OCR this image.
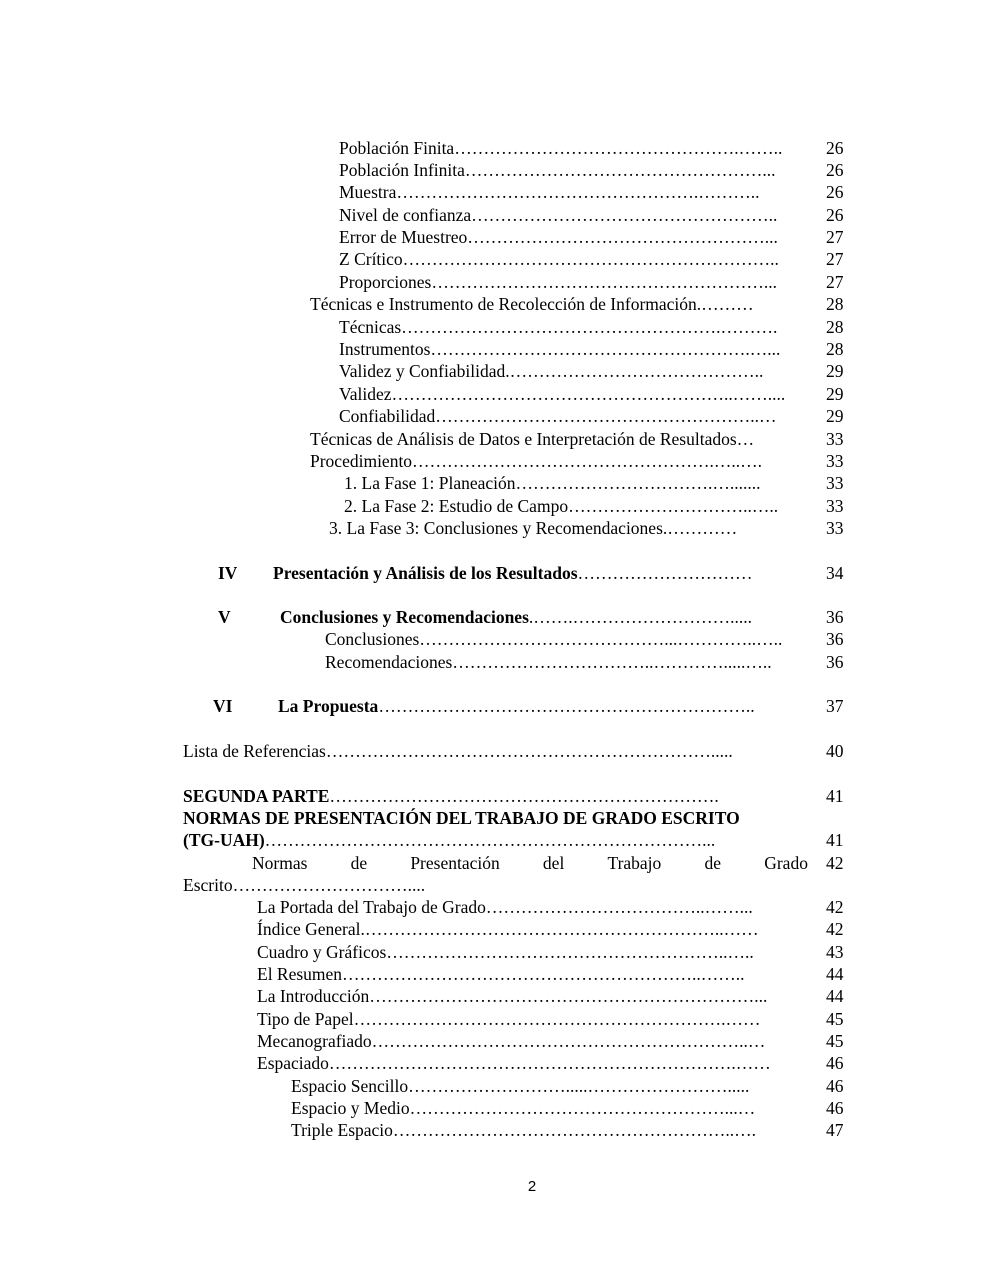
Población Finita………………………………………….…….. 26
Población Infinita……………………………………………...	26
Muestra…………………………………………….………..	26
Nivel de confianza……………………………………………..	26
Error de Muestreo……………………………………………...	27
Z Crítico………………………………………………………..	27
Proporciones…………………………………………………...	27
Técnicas e Instrumento de Recolección de Información.………	28
Técnicas……………………………………………….……….	28
Instrumentos……………………………………………….…...	28
Validez y Confiabilidad.……………………………………..	29
Validez…………………………………………………..…….... 29
Confiabilidad………………………………………………..…	29
Técnicas de Análisis de Datos e Interpretación de Resultados…	33
Procedimiento…………………………………………….…..….	33
1. La Fase 1: Planeación…………………………….….......	33
2. La Fase 2: Estudio de Campo…………………………..…..	33
3. La Fase 3: Conclusiones y Recomendaciones.…………	33
IV Presentación y Análisis de los Resultados…………………………	34
V	Conclusiones y Recomendaciones.…….……………………….....	36
Conclusiones……………………………………...…………..….. 36
Recomendaciones……………………………..………….....…..	36
VI	La Propuesta………………………………………………………..	37
Lista de Referencias………………………………………………………….....	40
SEGUNDA PARTE………………………………………………………….	41
NORMAS DE PRESENTACIÓN DEL TRABAJO DE GRADO ESCRITO
(TG-UAH)…………………………………………………………………...	41
Normas de Presentación del Trabajo de Grado 42
Escrito…………………………....
La Portada del Trabajo de Grado………………………………..……...	42
Índice General.……………………………………………………..……	42
Cuadro y Gráficos…………………………………………………..…..	43
El Resumen……………………………………………………..……..	44
La Introducción…………………………………………………………...	44
Tipo de Papel……………………………………………………….……	45
Mecanografiado………………………………………………………..…	45
Espaciado…………………………………………………………….……	46
Espacio Sencillo……………………….....…………………….....	46
Espacio y Medio………………………………………………...…	46
Triple Espacio…………………………………………………..….	47
2
